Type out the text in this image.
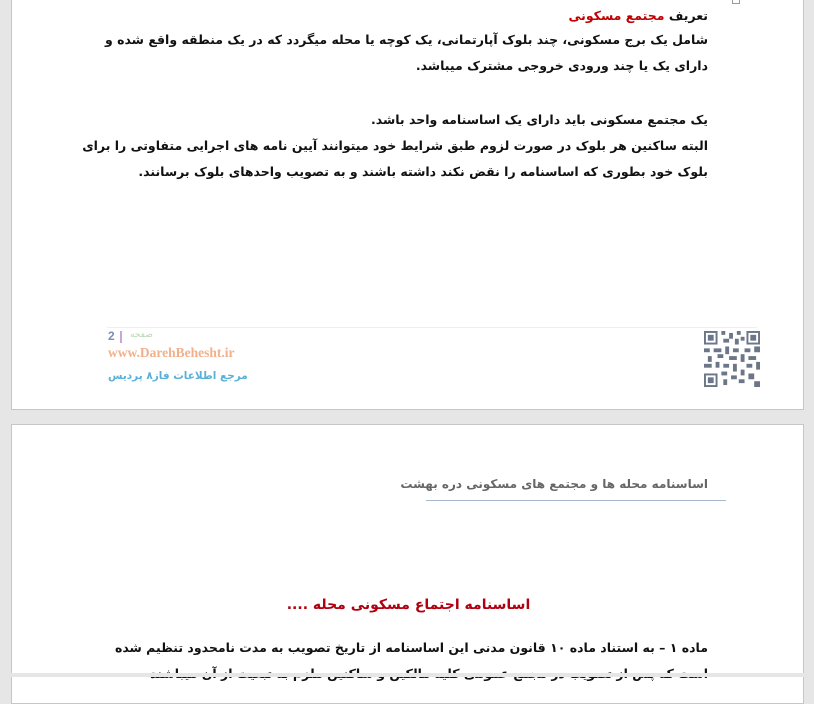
تعریف مجتمع مسکونی
شامل یک برج مسکونی، چند بلوک آپارتمانی، یک کوچه یا محله میگردد که در یک منطقه واقع شده و
دارای یک یا چند ورودی خروجی مشترک میباشد.
یک مجتمع مسکونی باید دارای یک اساسنامه واحد باشد.
البته ساکنین هر بلوک در صورت لزوم طبق شرایط خود میتوانند آیین نامه های اجرایی متفاوتی را برای
بلوک خود بطوری که اساسنامه را نقض نکند داشته باشند و به تصویب واحدهای بلوک برسانند.
2 صفحه
www.DarehBehesht.ir
مرجع اطلاعات فاز۸ پردیس
اساسنامه محله ها و مجتمع های مسکونی دره بهشت
اساسنامه اجتماع مسکونی محله ....
ماده ۱ – به استناد ماده ۱۰ قانون مدنی این اساسنامه از تاریخ تصویب به مدت نامحدود تنظیم شده
